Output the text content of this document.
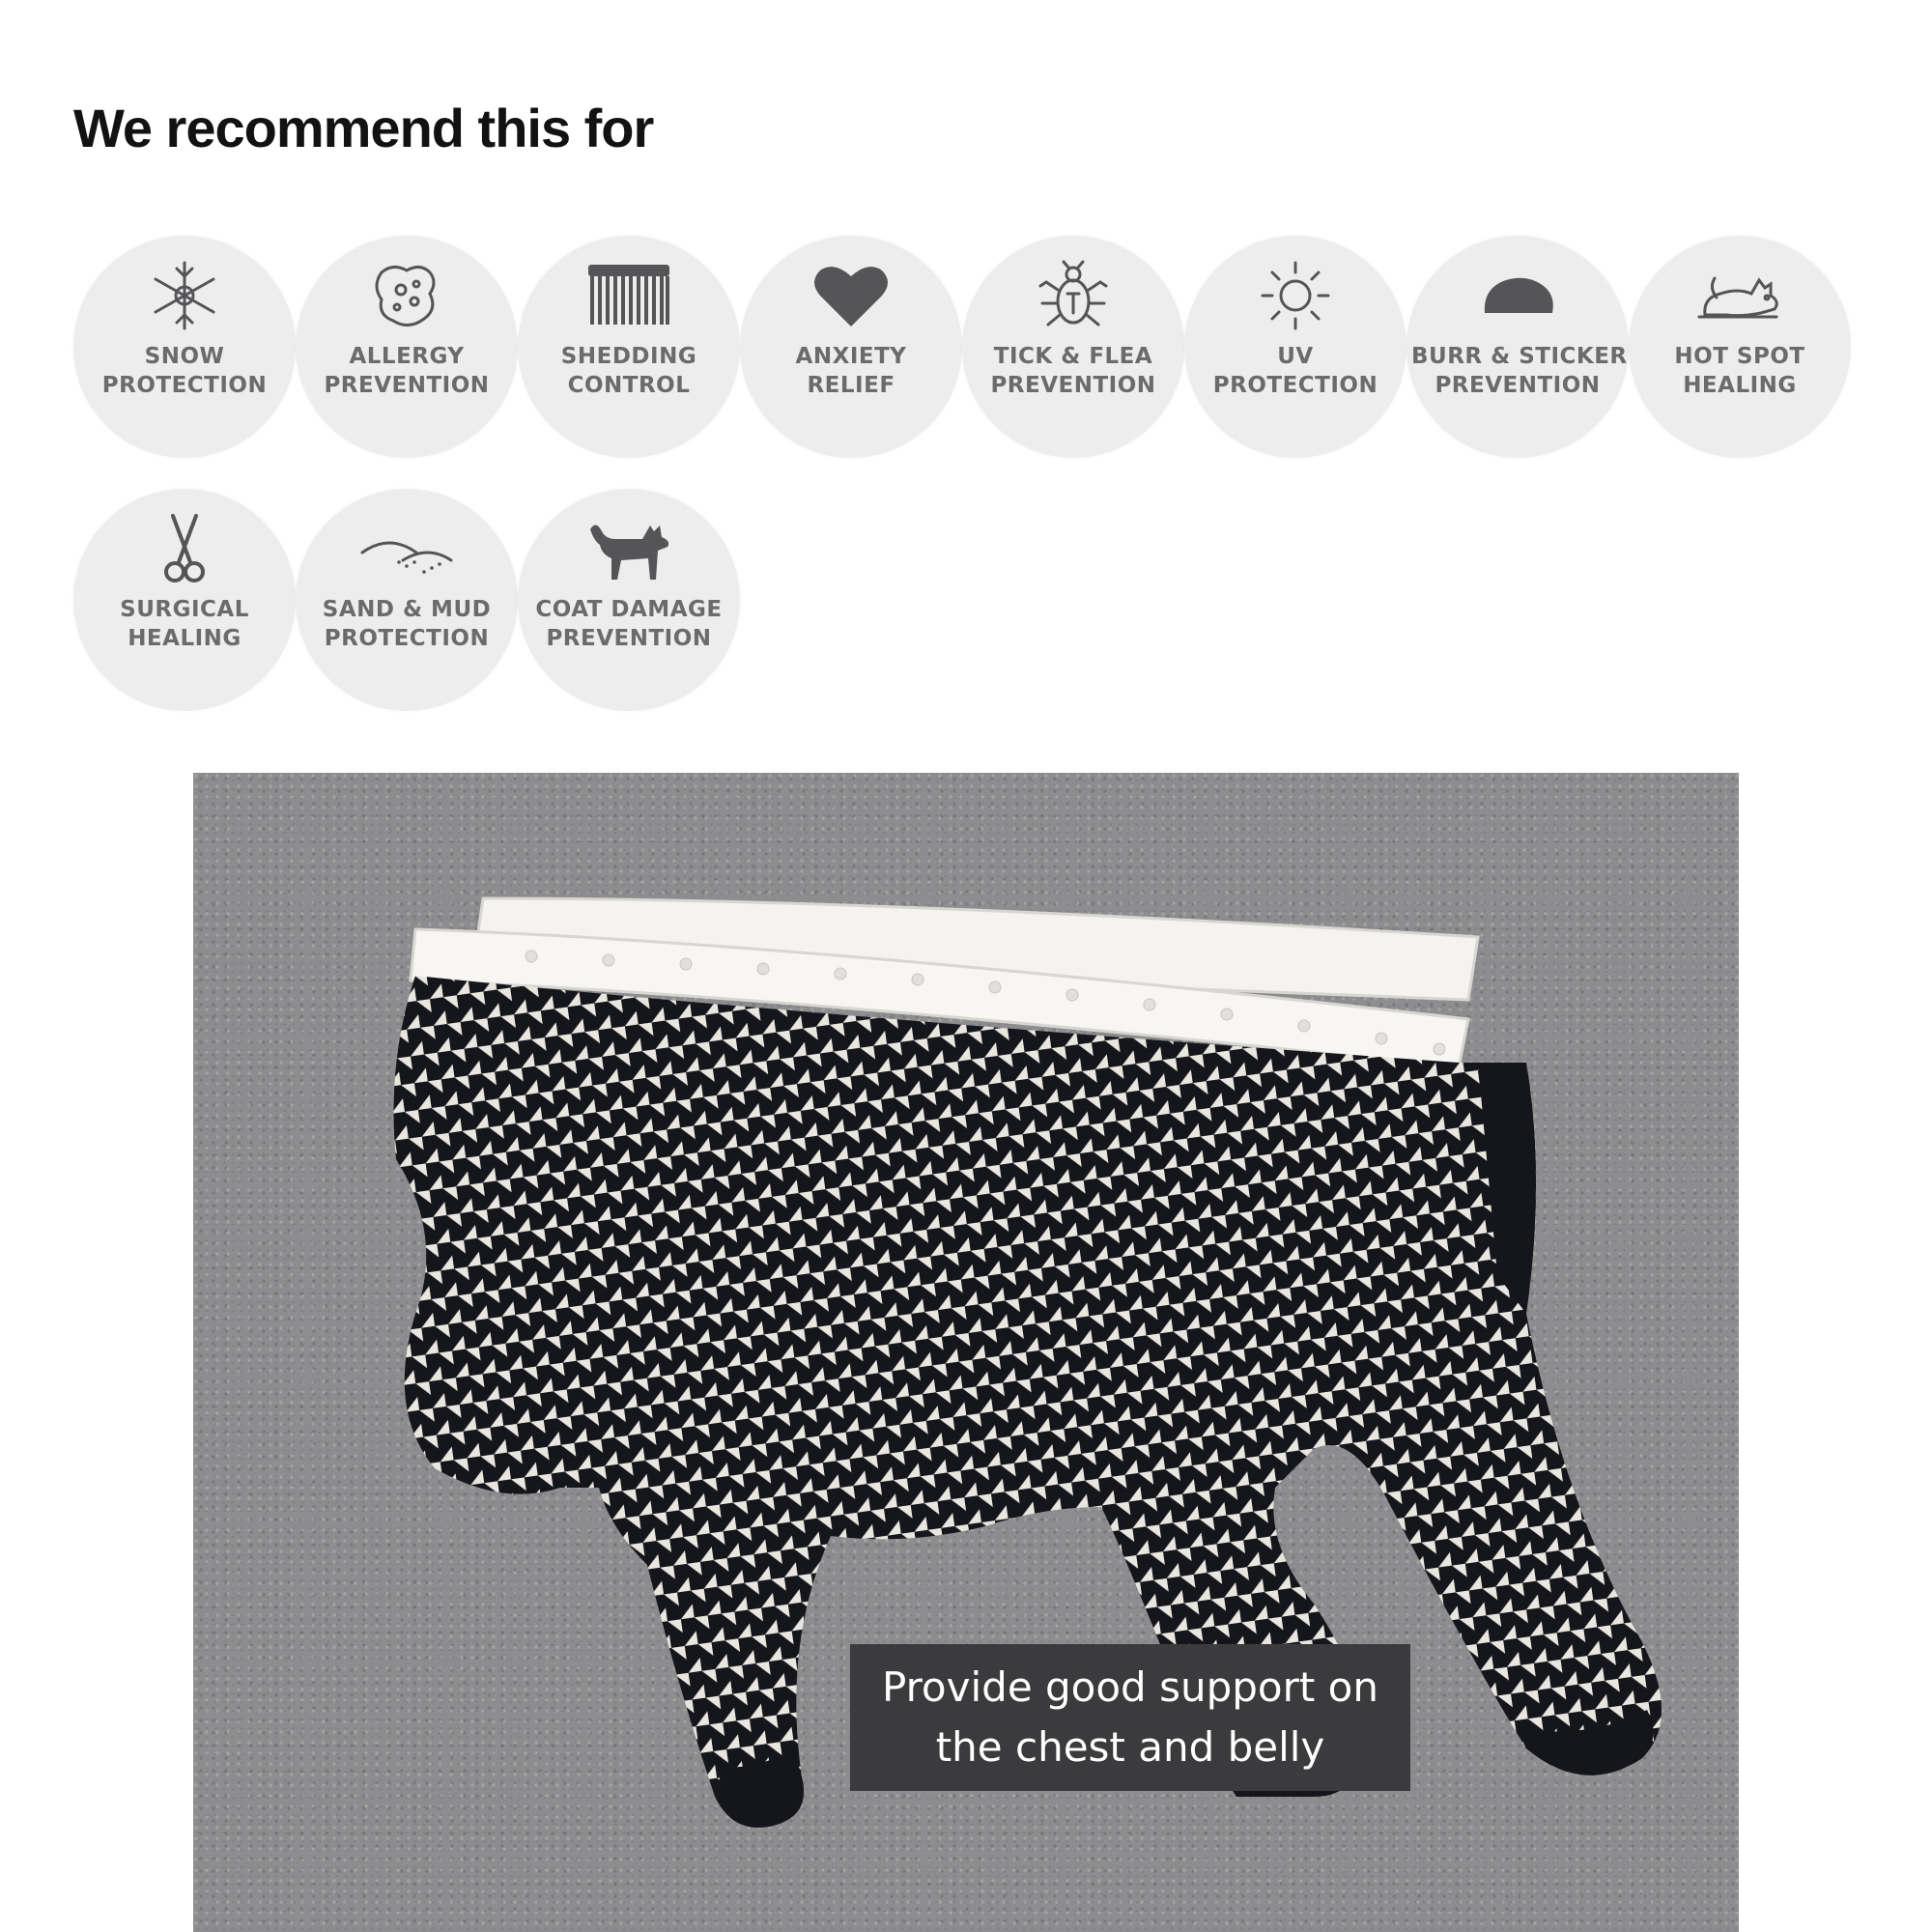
We recommend this for
SNOW
PROTECTION
ALLERGY
PREVENTION
SHEDDING
CONTROL
ANXIETY
RELIEF
TICK & FLEA
PREVENTION
UV
PROTECTION
BURR & STICKER
PREVENTION
HOT SPOT
HEALING
SURGICAL
HEALING
SAND & MUD
PROTECTION
COAT DAMAGE
PREVENTION
Provide good support on
the chest and belly
